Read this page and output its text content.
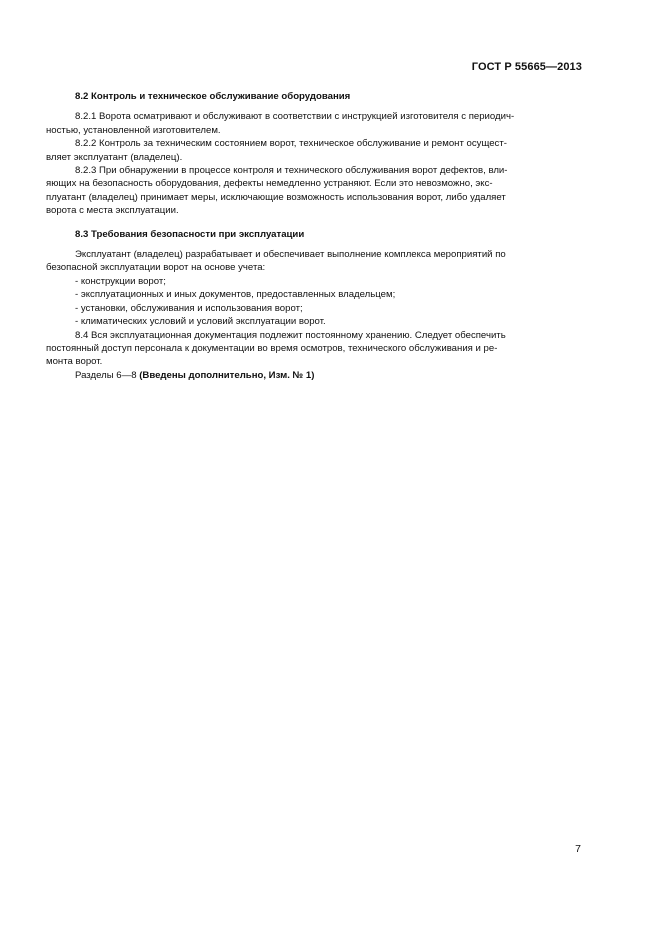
ГОСТ Р 55665—2013

8.2 Контроль и техническое обслуживание оборудования

8.2.1 Ворота осматривают и обслуживают в соответствии с инструкцией изготовителя с периодич-

ностью, установленной изготовителем.

8.2.2 Контроль за техническим состоянием ворот, техническое обслуживание и ремонт осущест-

вляет эксплуатант (владелец).

8.2.3 При обнаружении в процессе контроля и технического обслуживания ворот дефектов, вли-

яющих на безопасность оборудования, дефекты немедленно устраняют. Если это невозможно, экс-

плуатант (владелец) принимает меры, исключающие возможность использования ворот, либо удаляет

ворота с места эксплуатации.

8.3 Требования безопасности при эксплуатации

Эксплуатант (владелец) разрабатывает и обеспечивает выполнение комплекса мероприятий по

безопасной эксплуатации ворот на основе учета:

- конструкции ворот;

- эксплуатационных и иных документов, предоставленных владельцем;

- установки, обслуживания и использования ворот;

- климатических условий и условий эксплуатации ворот.

8.4 Вся эксплуатационная документация подлежит постоянному хранению. Следует обеспечить

постоянный доступ персонала к документации во время осмотров, технического обслуживания и ре-

монта ворот.

Разделы 6—8 (Введены дополнительно, Изм. № 1)

7
